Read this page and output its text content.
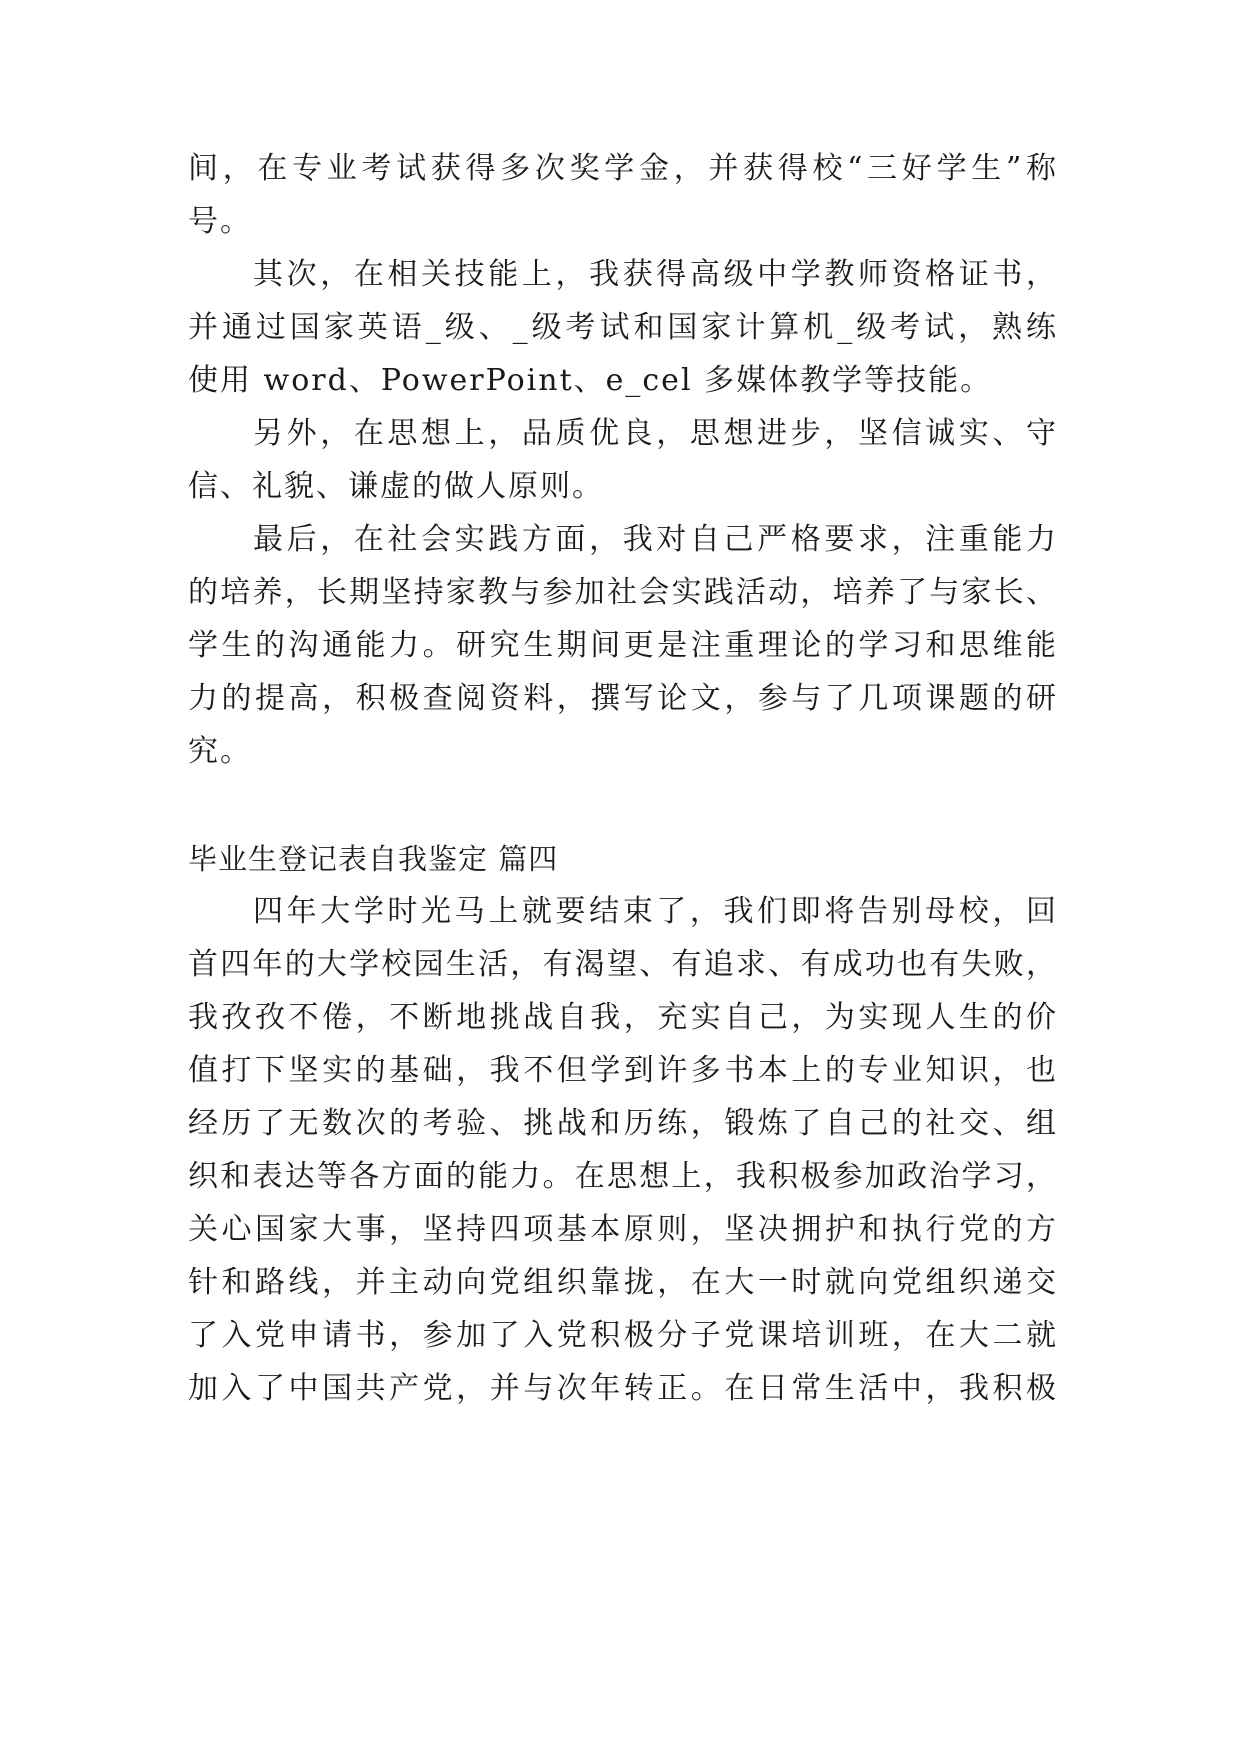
间，在专业考试获得多次奖学金，并获得校“三好学生”称
号。
其次，在相关技能上，我获得高级中学教师资格证书，
并通过国家英语_级、_级考试和国家计算机_级考试，熟练
使用 word、PowerPoint、e_cel 多媒体教学等技能。
另外，在思想上，品质优良，思想进步，坚信诚实、守
信、礼貌、谦虚的做人原则。
最后，在社会实践方面，我对自己严格要求，注重能力
的培养，长期坚持家教与参加社会实践活动，培养了与家长、
学生的沟通能力。研究生期间更是注重理论的学习和思维能
力的提高，积极查阅资料，撰写论文，参与了几项课题的研
究。
毕业生登记表自我鉴定 篇四
四年大学时光马上就要结束了，我们即将告别母校，回
首四年的大学校园生活，有渴望、有追求、有成功也有失败，
我孜孜不倦，不断地挑战自我，充实自己，为实现人生的价
值打下坚实的基础，我不但学到许多书本上的专业知识，也
经历了无数次的考验、挑战和历练，锻炼了自己的社交、组
织和表达等各方面的能力。在思想上，我积极参加政治学习，
关心国家大事，坚持四项基本原则，坚决拥护和执行党的方
针和路线，并主动向党组织靠拢，在大一时就向党组织递交
了入党申请书，参加了入党积极分子党课培训班，在大二就
加入了中国共产党，并与次年转正。在日常生活中，我积极
